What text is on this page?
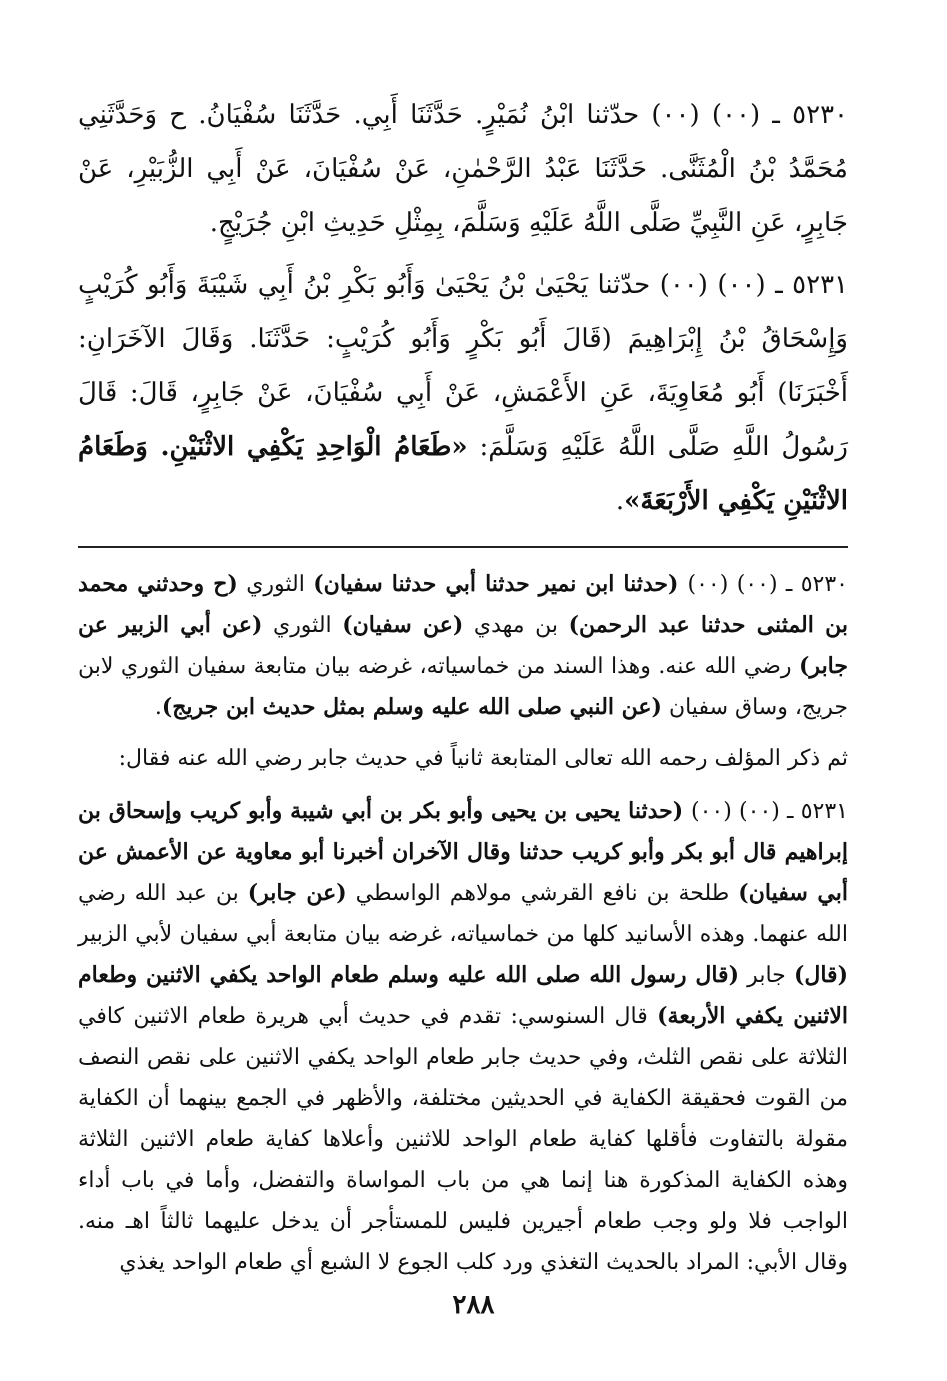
٥٢٣٠ ـ (٠٠) (٠٠) حدّثنا ابْنُ نُمَيْرٍ. حَدَّثَنَا أَبِي. حَدَّثَنَا سُفْيَانُ. ح وَحَدَّثَنِي مُحَمَّدُ بْنُ الْمُثَنَّى. حَدَّثَنَا عَبْدُ الرَّحْمٰنِ، عَنْ سُفْيَانَ، عَنْ أَبِي الزُّبَيْرِ، عَنْ جَابِرٍ، عَنِ النَّبِيِّ صَلَّى اللَّهُ عَلَيْهِ وَسَلَّمَ، بِمِثْلِ حَدِيثِ ابْنِ جُرَيْجٍ.

٥٢٣١ ـ (٠٠) (٠٠) حدّثنا يَحْيَىٰ بْنُ يَحْيَىٰ وَأَبُو بَكْرِ بْنُ أَبِي شَيْبَةَ وَأَبُو كُرَيْبٍ وَإِسْحَاقُ بْنُ إِبْرَاهِيمَ (قَالَ أَبُو بَكْرٍ وَأَبُو كُرَيْبٍ: حَدَّثَنَا. وَقَالَ الآخَرَانِ: أَخْبَرَنَا) أَبُو مُعَاوِيَةَ، عَنِ الأَعْمَشِ، عَنْ أَبِي سُفْيَانَ، عَنْ جَابِرٍ، قَالَ: قَالَ رَسُولُ اللَّهِ صَلَّى اللَّهُ عَلَيْهِ وَسَلَّمَ: «طَعَامُ الْوَاحِدِ يَكْفِي الاثْنَيْنِ. وَطَعَامُ الاثْنَيْنِ يَكْفِي الأَرْبَعَةَ».

٥٢٣٠ ـ (٠٠) (٠٠) (حدثنا ابن نمير حدثنا أبي حدثنا سفيان) الثوري (ح وحدثني محمد بن المثنى حدثنا عبد الرحمن) بن مهدي (عن سفيان) الثوري (عن أبي الزبير عن جابر) رضي الله عنه. وهذا السند من خماسياته، غرضه بيان متابعة سفيان الثوري لابن جريج، وساق سفيان (عن النبي صلى الله عليه وسلم بمثل حديث ابن جريج).

ثم ذكر المؤلف رحمه الله تعالى المتابعة ثانياً في حديث جابر رضي الله عنه فقال:

٥٢٣١ ـ (٠٠) (٠٠) (حدثنا يحيى بن يحيى وأبو بكر بن أبي شيبة وأبو كريب وإسحاق بن إبراهيم قال أبو بكر وأبو كريب حدثنا وقال الآخران أخبرنا أبو معاوية عن الأعمش عن أبي سفيان) طلحة بن نافع القرشي مولاهم الواسطي (عن جابر) بن عبد الله رضي الله عنهما. وهذه الأسانيد كلها من خماسياته، غرضه بيان متابعة أبي سفيان لأبي الزبير (قال) جابر (قال رسول الله صلى الله عليه وسلم طعام الواحد يكفي الاثنين وطعام الاثنين يكفي الأربعة) قال السنوسي: تقدم في حديث أبي هريرة طعام الاثنين كافي الثلاثة على نقص الثلث، وفي حديث جابر طعام الواحد يكفي الاثنين على نقص النصف من القوت فحقيقة الكفاية في الحديثين مختلفة، والأظهر في الجمع بينهما أن الكفاية مقولة بالتفاوت فأقلها كفاية طعام الواحد للاثنين وأعلاها كفاية طعام الاثنين الثلاثة وهذه الكفاية المذكورة هنا إنما هي من باب المواساة والتفضل، وأما في باب أداء الواجب فلا ولو وجب طعام أجيرين فليس للمستأجر أن يدخل عليهما ثالثاً اهـ منه. وقال الأبي: المراد بالحديث التغذي ورد كلب الجوع لا الشبع أي طعام الواحد يغذي

٢٨٨
